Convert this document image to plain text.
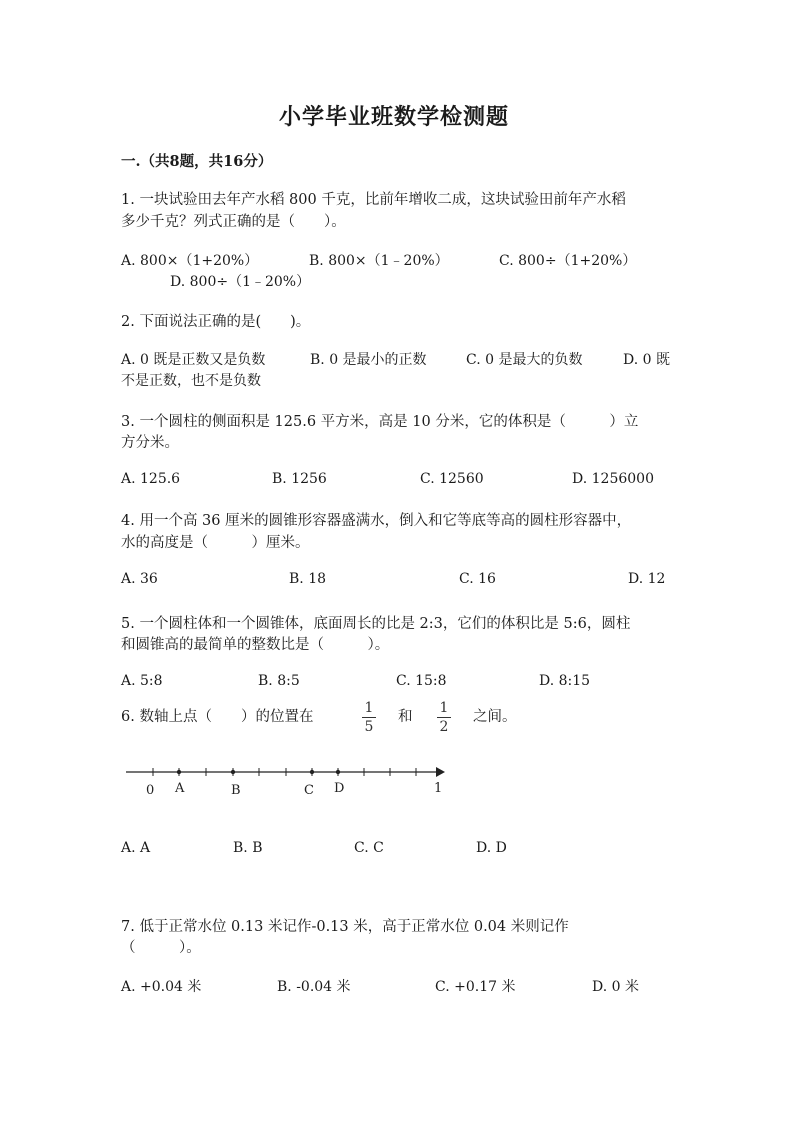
小学毕业班数学检测题
一.（共8题，共16分）
1. 一块试验田去年产水稻 800 千克，比前年增收二成，这块试验田前年产水稻
多少千克？列式正确的是（　　）。
A. 800×（1+20%）	B. 800×（1﹣20%）	C. 800÷（1+20%）
D. 800÷（1﹣20%）
2. 下面说法正确的是(　　)。
A. 0 既是正数又是负数	B. 0 是最小的正数	C. 0 是最大的负数	D. 0 既
不是正数，也不是负数
3. 一个圆柱的侧面积是 125.6 平方米，高是 10 分米，它的体积是（　　　）立
方分米。
A. 125.6	B. 1256	C. 12560	D. 1256000
4. 用一个高 36 厘米的圆锥形容器盛满水，倒入和它等底等高的圆柱形容器中，
水的高度是（　　　）厘米。
A. 36	B. 18	C. 16	D. 12
5. 一个圆柱体和一个圆锥体，底面周长的比是 2:3，它们的体积比是 5:6，圆柱
和圆锥高的最简单的整数比是（　　　）。
A. 5:8	B. 8:5	C. 15:8	D. 8:15
6. 数轴上点（　　）的位置在
1
5
和
1
2
之间。
0 A	B	C D	1
A. A	B. B	C. C	D. D
7. 低于正常水位 0.13 米记作-0.13 米，高于正常水位 0.04 米则记作
（　　　）。
A. +0.04 米	B. -0.04 米	C. +0.17 米	D. 0 米
